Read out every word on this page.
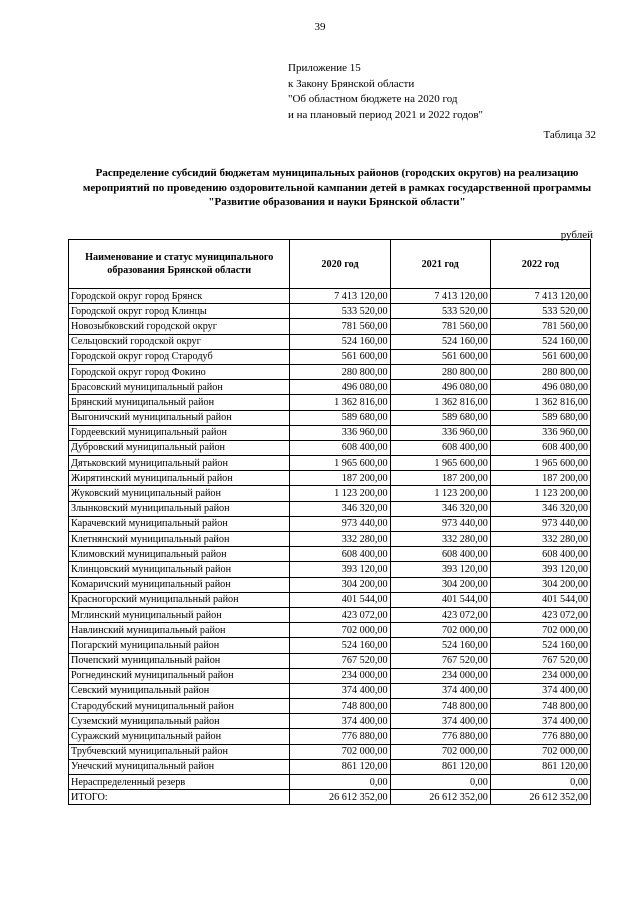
39
Приложение 15
к Закону Брянской области
"Об областном бюджете на 2020 год
и на плановый период 2021 и 2022 годов"
Таблица 32
Распределение субсидий бюджетам муниципальных районов (городских округов) на реализацию мероприятий по проведению оздоровительной кампании детей в рамках государственной программы "Развитие образования и науки Брянской области"
рублей
Наименование и статус муниципального образования Брянской области	2020 год	2021 год	2022 год
Городской округ город Брянск	7 413 120,00	7 413 120,00	7 413 120,00
Городской округ город Клинцы	533 520,00	533 520,00	533 520,00
Новозыбковский городской округ	781 560,00	781 560,00	781 560,00
Сельцовский городской округ	524 160,00	524 160,00	524 160,00
Городской округ город Стародуб	561 600,00	561 600,00	561 600,00
Городской округ город Фокино	280 800,00	280 800,00	280 800,00
Брасовский муниципальный район	496 080,00	496 080,00	496 080,00
Брянский муниципальный район	1 362 816,00	1 362 816,00	1 362 816,00
Выгоничский муниципальный район	589 680,00	589 680,00	589 680,00
Гордеевский муниципальный район	336 960,00	336 960,00	336 960,00
Дубровский муниципальный район	608 400,00	608 400,00	608 400,00
Дятьковский муниципальный район	1 965 600,00	1 965 600,00	1 965 600,00
Жирятинский муниципальный район	187 200,00	187 200,00	187 200,00
Жуковский муниципальный район	1 123 200,00	1 123 200,00	1 123 200,00
Злынковский муниципальный район	346 320,00	346 320,00	346 320,00
Карачевский муниципальный район	973 440,00	973 440,00	973 440,00
Клетнянский муниципальный район	332 280,00	332 280,00	332 280,00
Климовский муниципальный район	608 400,00	608 400,00	608 400,00
Клинцовский муниципальный район	393 120,00	393 120,00	393 120,00
Комаричский муниципальный район	304 200,00	304 200,00	304 200,00
Красногорский муниципальный район	401 544,00	401 544,00	401 544,00
Мглинский муниципальный район	423 072,00	423 072,00	423 072,00
Навлинский муниципальный район	702 000,00	702 000,00	702 000,00
Погарский муниципальный район	524 160,00	524 160,00	524 160,00
Почепский муниципальный район	767 520,00	767 520,00	767 520,00
Рогнединский муниципальный район	234 000,00	234 000,00	234 000,00
Севский муниципальный район	374 400,00	374 400,00	374 400,00
Стародубский муниципальный район	748 800,00	748 800,00	748 800,00
Суземский муниципальный район	374 400,00	374 400,00	374 400,00
Суражский муниципальный район	776 880,00	776 880,00	776 880,00
Трубчевский муниципальный район	702 000,00	702 000,00	702 000,00
Унечский муниципальный район	861 120,00	861 120,00	861 120,00
Нераспределенный резерв	0,00	0,00	0,00
ИТОГО:	26 612 352,00	26 612 352,00	26 612 352,00
